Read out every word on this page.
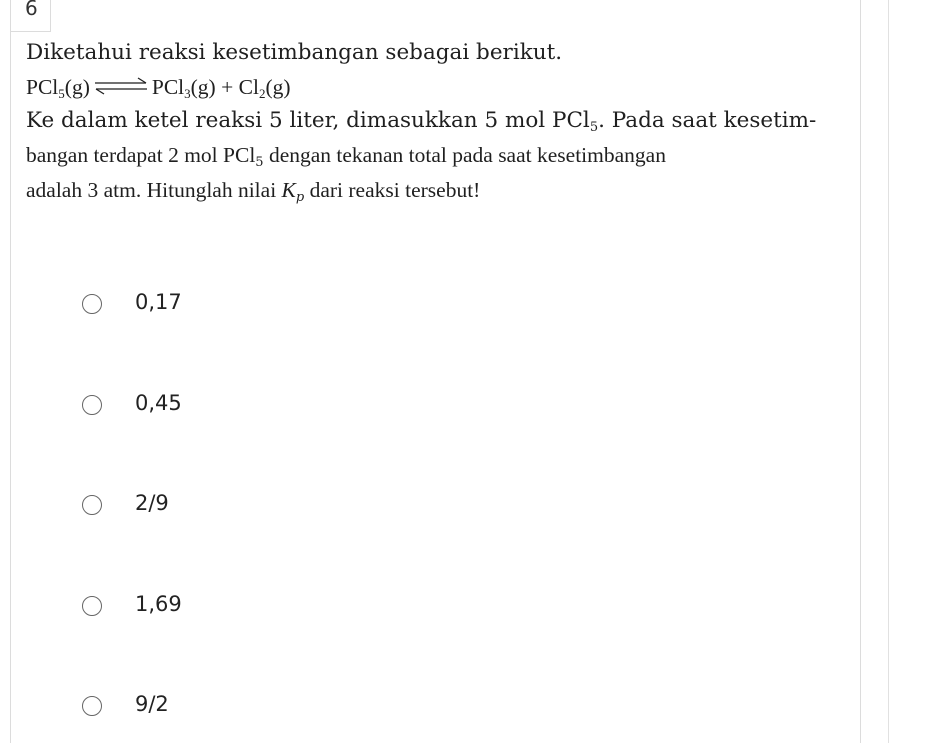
6
Diketahui reaksi kesetimbangan sebagai berikut.
PCl$_5$(g) ⇌ $PCl_3(g) + Cl_2(g)$
Ke dalam ketel reaksi 5 liter, dimasukkan 5 mol PCl$_5$. Pada saat kesetim-
bangan terdapat 2 mol PCl$_5$ dengan tekanan total pada saat kesetimbangan
adalah 3 atm. Hitunglah nilai $K_p$ dari reaksi tersebut!
0,17
0,45
2/9
1,69
9/2
